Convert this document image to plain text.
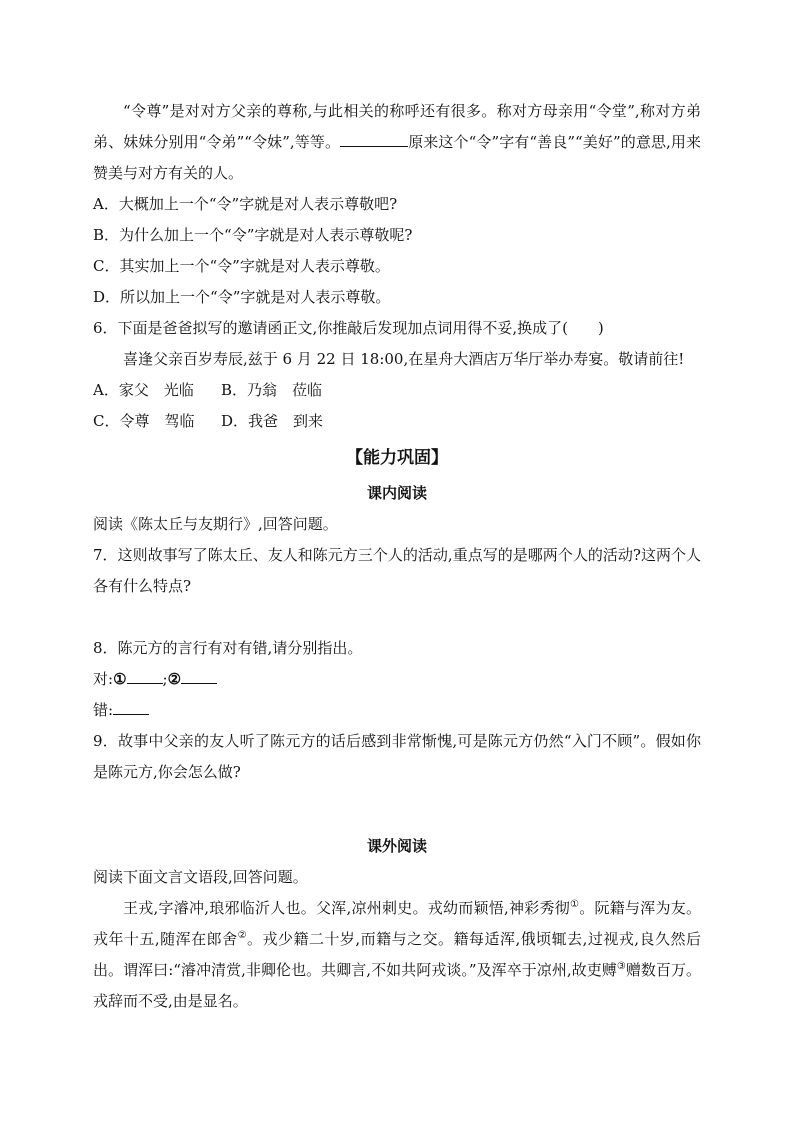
“令尊”是对对方父亲的尊称,与此相关的称呼还有很多。称对方母亲用“令堂”,称对方弟弟、妹妹分别用“令弟”“令妹”,等等。	原来这个“令”字有“善良”“美好”的意思,用来赞美与对方有关的人。

A．大概加上一个“令”字就是对人表示尊敬吧?
B．为什么加上一个“令”字就是对人表示尊敬呢?
C．其实加上一个“令”字就是对人表示尊敬。
D．所以加上一个“令”字就是对人表示尊敬。
6．下面是爸爸拟写的邀请函正文,你推敲后发现加点词用得不妥,换成了(　　)
喜逢父亲百岁寿辰,兹于 6 月 22 日 18:00,在星舟大酒店万华厅举办寿宴。敬请前往!
A．家父　光临	B．乃翁　莅临
C．令尊　驾临	D．我爸　到来
【能力巩固】
课内阅读
阅读《陈太丘与友期行》,回答问题。

7．这则故事写了陈太丘、友人和陈元方三个人的活动,重点写的是哪两个人的活动?这两个人各有什么特点?

8．陈元方的言行有对有错,请分别指出。
对:① ;②
错:

9．故事中父亲的友人听了陈元方的话后感到非常惭愧,可是陈元方仍然“入门不顾”。假如你是陈元方,你会怎么做?

课外阅读
阅读下面文言文语段,回答问题。

王戎,字濬冲,琅邪临沂人也。父浑,凉州刺史。戎幼而颖悟,神彩秀彻①。阮籍与浑为友。戎年十五,随浑在郎舍②。戎少籍二十岁,而籍与之交。籍每适浑,俄顷辄去,过视戎,良久然后出。谓浑曰:“濬冲清赏,非卿伦也。共卿言,不如共阿戎谈。”及浑卒于凉州,故吏赙③赠数百万。戎辞而不受,由是显名。
